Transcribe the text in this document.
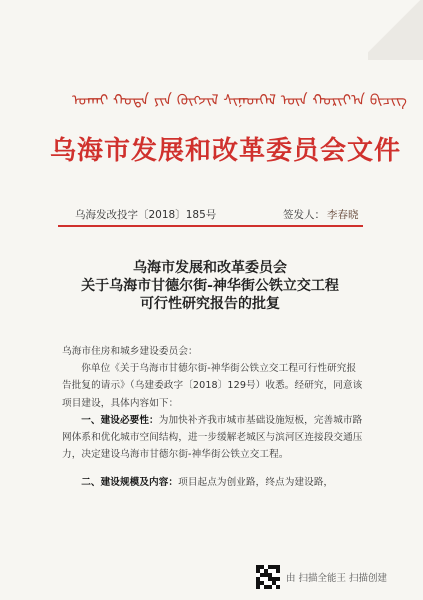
ᠤᠬᠠᠢ ᠬᠣᠳᠠ ᠶᠢᠨ ᠬᠥᠭᠵᠢᠯ ᠰᠢᠨᠡᠳᠬᠡᠯ ᠦᠨ ᠬᠣᠷᠢᠶ᠎ᠠ ᠪᠢᠴᠢᠭ
乌海市发展和改革委员会文件
乌海发改投字〔2018〕185号	签发人： 李春晓
乌海市发展和改革委员会
关于乌海市甘德尔街-神华街公铁立交工程
可行性研究报告的批复

乌海市住房和城乡建设委员会：

你单位《关于乌海市甘德尔街-神华街公铁立交工程可行性研究报告批复的请示》（乌建委政字〔2018〕129号）收悉。经研究，同意该项目建设，具体内容如下：

一、建设必要性：为加快补齐我市城市基础设施短板，完善城市路网体系和优化城市空间结构，进一步缓解老城区与滨河区连接段交通压力，决定建设乌海市甘德尔街-神华街公铁立交工程。

二、建设规模及内容：项目起点为创业路，终点为建设路，

由 扫描全能王 扫描创建
